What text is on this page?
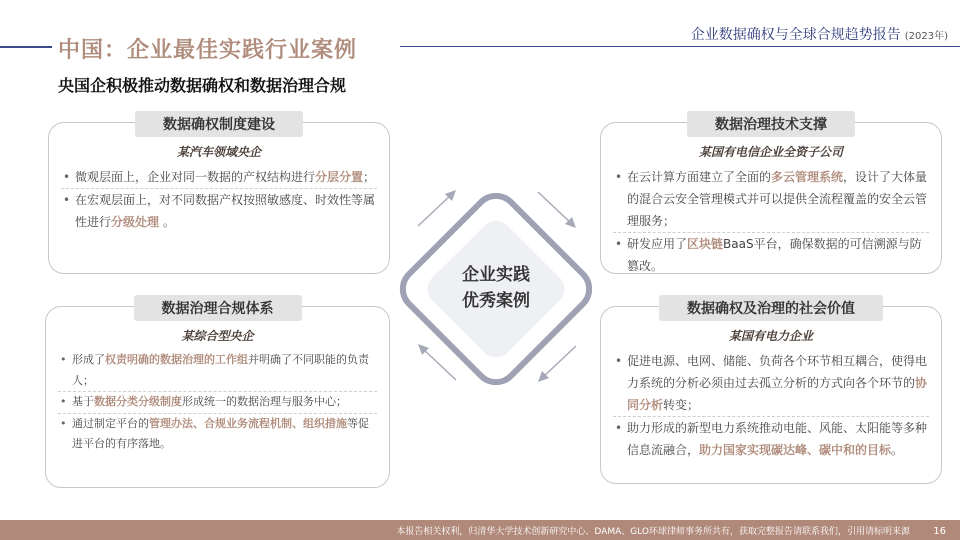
企业数据确权与全球合规趋势报告 (2023年)
中国：企业最佳实践行业案例
央国企积极推动数据确权和数据治理合规
企业实践
优秀案例
数据确权制度建设
某汽车领域央企
• 微观层面上，企业对同一数据的产权结构进行分层分置；
• 在宏观层面上，对不同数据产权按照敏感度、时效性等属性进行分级处理 。
数据治理技术支撑
某国有电信企业全资子公司
• 在云计算方面建立了全面的多云管理系统，设计了大体量的混合云安全管理模式并可以提供全流程覆盖的安全云管理服务；
• 研发应用了区块链BaaS平台，确保数据的可信溯源与防篡改。
数据治理合规体系
某综合型央企
• 形成了权责明确的数据治理的工作组并明确了不同职能的负责人；
• 基于数据分类分级制度形成统一的数据治理与服务中心；
• 通过制定平台的管理办法、合规业务流程机制、组织措施等促进平台的有序落地。
数据确权及治理的社会价值
某国有电力企业
• 促进电源、电网、储能、负荷各个环节相互耦合，使得电力系统的分析必须由过去孤立分析的方式向各个环节的协同分析转变；
• 助力形成的新型电力系统推动电能、风能、太阳能等多种信息流融合，助力国家实现碳达峰、碳中和的目标。
本报告相关权利，归清华大学技术创新研究中心、DAMA、GLO环球律师事务所共有，获取完整报告请联系我们，引用请标明来源 16
